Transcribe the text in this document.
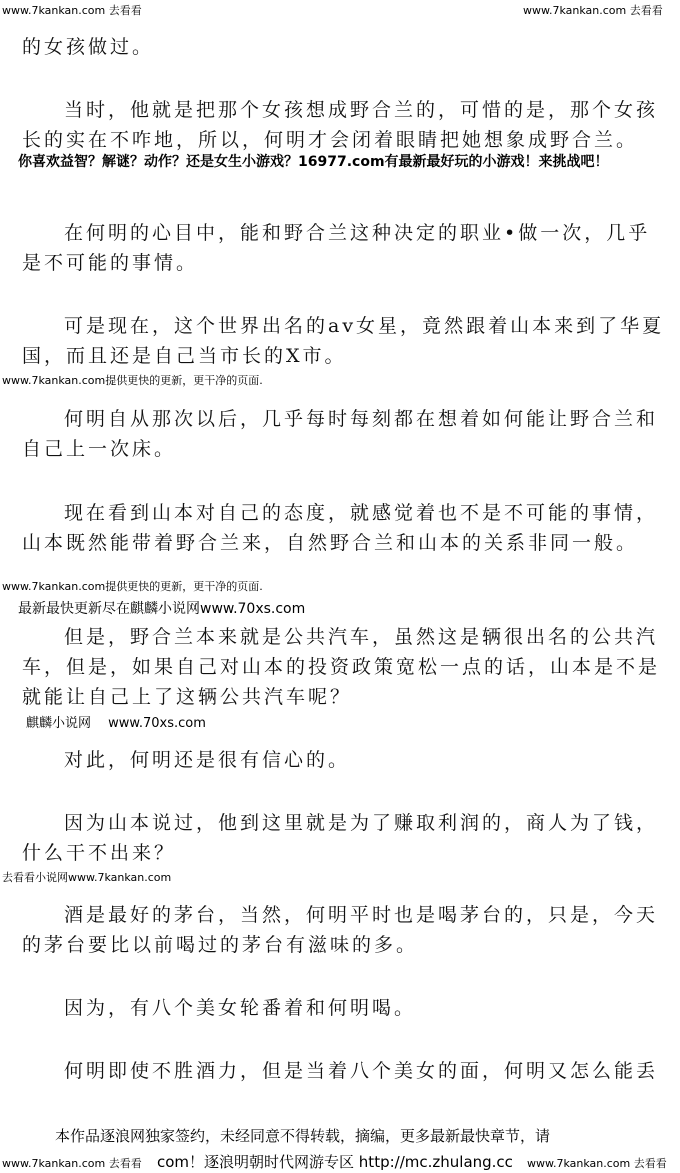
www.7kankan.com 去看看	www.7kankan.com 去看看
的女孩做过。
当时，他就是把那个女孩想成野合兰的，可惜的是，那个女孩
长的实在不咋地，所以，何明才会闭着眼睛把她想象成野合兰。
你喜欢益智？解谜？动作？还是女生小游戏？16977.com有最新最好玩的小游戏！来挑战吧！
在何明的心目中，能和野合兰这种决定的职业•做一次，几乎
是不可能的事情。
可是现在，这个世界出名的av女星，竟然跟着山本来到了华夏
国，而且还是自己当市长的X市。
www.7kankan.com提供更快的更新，更干净的页面.
何明自从那次以后，几乎每时每刻都在想着如何能让野合兰和
自己上一次床。
现在看到山本对自己的态度，就感觉着也不是不可能的事情，
山本既然能带着野合兰来，自然野合兰和山本的关系非同一般。
www.7kankan.com提供更快的更新，更干净的页面.
最新最快更新尽在麒麟小说网www.70xs.com
但是，野合兰本来就是公共汽车，虽然这是辆很出名的公共汽
车，但是，如果自己对山本的投资政策宽松一点的话，山本是不是
就能让自己上了这辆公共汽车呢？
麒麟小说网　 www.70xs.com
对此，何明还是很有信心的。
因为山本说过，他到这里就是为了赚取利润的，商人为了钱，
什么干不出来？
去看看小说网www.7kankan.com
酒是最好的茅台，当然，何明平时也是喝茅台的，只是，今天
的茅台要比以前喝过的茅台有滋味的多。
因为，有八个美女轮番着和何明喝。
何明即使不胜酒力，但是当着八个美女的面，何明又怎么能丢
本作品逐浪网独家签约，未经同意不得转载，摘编，更多最新最快章节，请
www.7kankan.com 去看看 com！逐浪明朝时代网游专区 http://mc.zhulang.cc	www.7kankan.com 去看看
